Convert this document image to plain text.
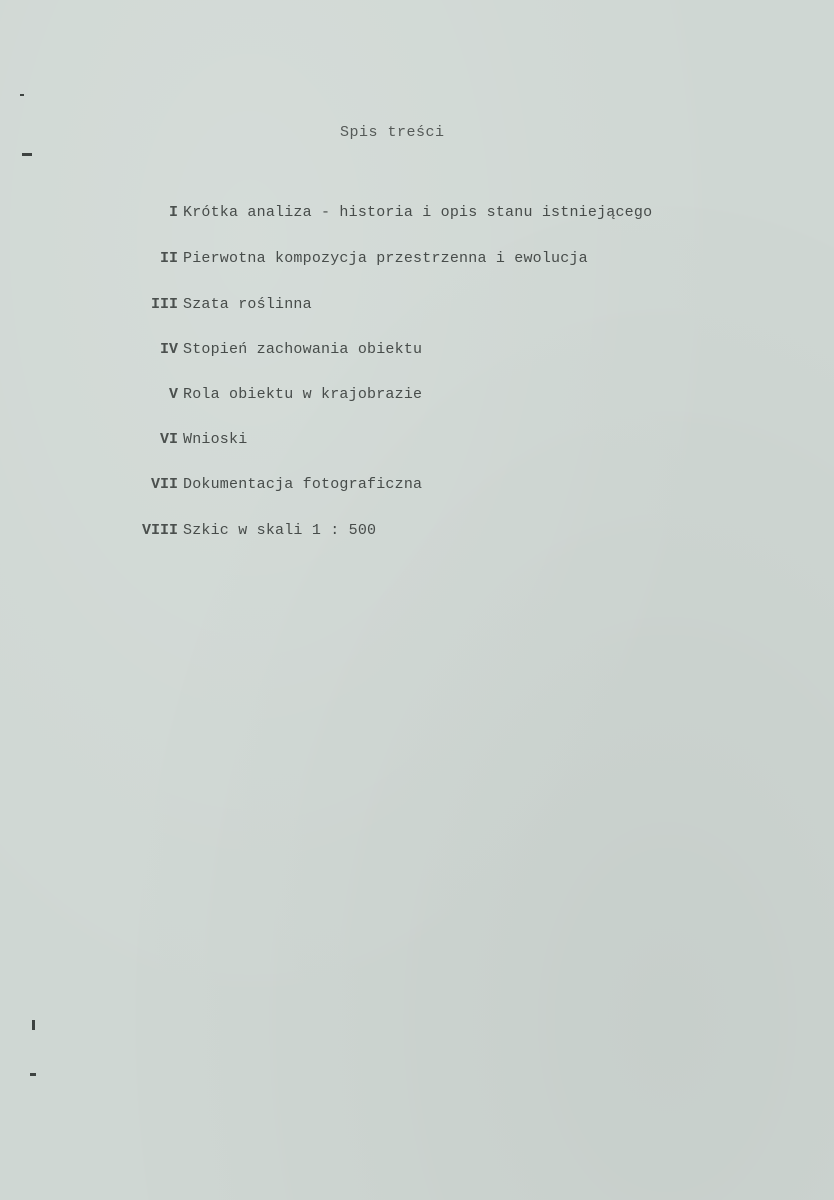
Spis treści
I Krótka analiza - historia i opis stanu istniejącego
II Pierwotna kompozycja przestrzenna i ewolucja
III Szata roślinna
IV Stopień zachowania obiektu
V Rola obiektu w krajobrazie
VI Wnioski
VII Dokumentacja fotograficzna
VIII Szkic w skali 1 : 500
